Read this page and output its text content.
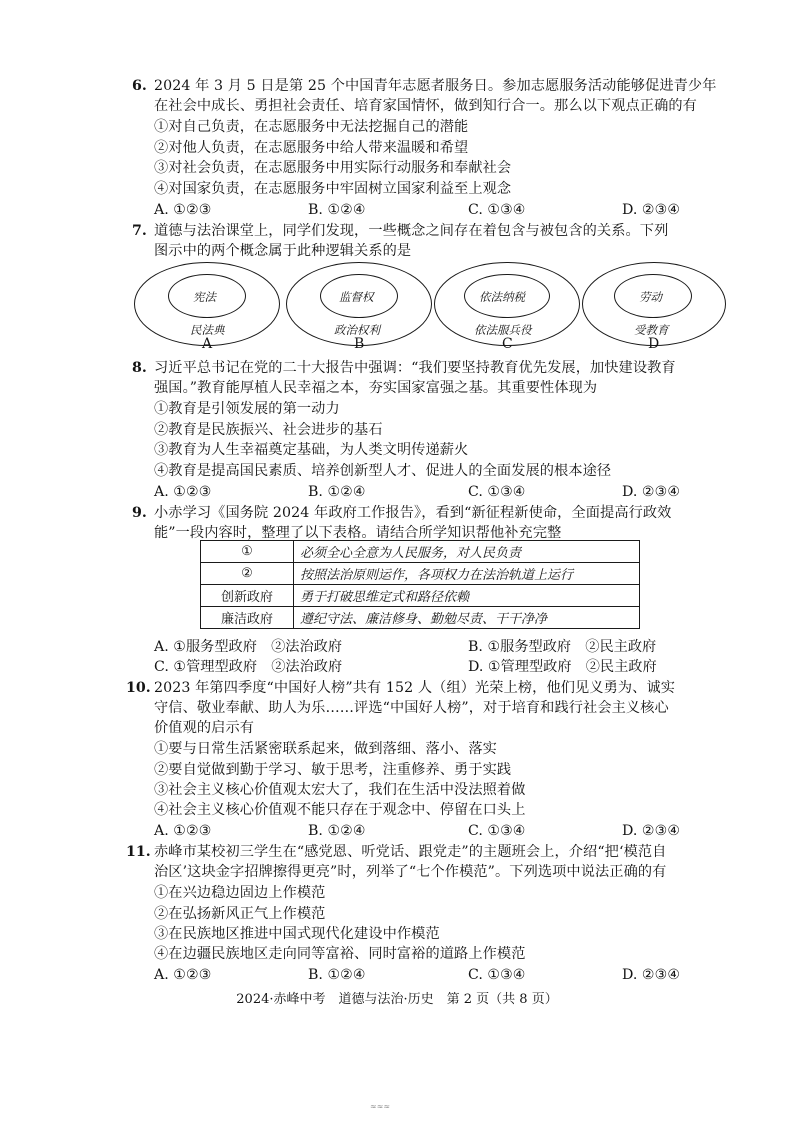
6. 2024 年 3 月 5 日是第 25 个中国青年志愿者服务日。参加志愿服务活动能够促进青少年
在社会中成长、勇担社会责任、培育家国情怀，做到知行合一。那么以下观点正确的有
①对自己负责，在志愿服务中无法挖掘自己的潜能
②对他人负责，在志愿服务中给人带来温暖和希望
③对社会负责，在志愿服务中用实际行动服务和奉献社会
④对国家负责，在志愿服务中牢固树立国家利益至上观念
A. ①②③	B. ①②④	C. ①③④	D. ②③④
7. 道德与法治课堂上，同学们发现，一些概念之间存在着包含与被包含的关系。下列
图示中的两个概念属于此种逻辑关系的是
宪法
民法典
A
监督权
政治权利
B
依法纳税
依法服兵役
C
劳动
受教育
D
8. 习近平总书记在党的二十大报告中强调：“我们要坚持教育优先发展，加快建设教育
强国。”教育能厚植人民幸福之本，夯实国家富强之基。其重要性体现为
①教育是引领发展的第一动力
②教育是民族振兴、社会进步的基石
③教育为人生幸福奠定基础，为人类文明传递薪火
④教育是提高国民素质、培养创新型人才、促进人的全面发展的根本途径
A. ①②③	B. ①②④	C. ①③④	D. ②③④
9. 小赤学习《国务院 2024 年政府工作报告》，看到“新征程新使命，全面提高行政效
能”一段内容时，整理了以下表格。请结合所学知识帮他补充完整
①	必须全心全意为人民服务，对人民负责
②	按照法治原则运作，各项权力在法治轨道上运行
创新政府	勇于打破思维定式和路径依赖
廉洁政府	遵纪守法、廉洁修身、勤勉尽责、干干净净
A. ①服务型政府　②法治政府	B. ①服务型政府　②民主政府
C. ①管理型政府　②法治政府	D. ①管理型政府　②民主政府
10. 2023 年第四季度“中国好人榜”共有 152 人（组）光荣上榜，他们见义勇为、诚实
守信、敬业奉献、助人为乐……评选“中国好人榜”，对于培育和践行社会主义核心
价值观的启示有
①要与日常生活紧密联系起来，做到落细、落小、落实
②要自觉做到勤于学习、敏于思考，注重修养、勇于实践
③社会主义核心价值观太宏大了，我们在生活中没法照着做
④社会主义核心价值观不能只存在于观念中、停留在口头上
A. ①②③	B. ①②④	C. ①③④	D. ②③④
11. 赤峰市某校初三学生在“感党恩、听党话、跟党走”的主题班会上，介绍“把‘模范自
治区’这块金字招牌擦得更亮”时，列举了“七个作模范”。下列选项中说法正确的有
①在兴边稳边固边上作模范
②在弘扬新风正气上作模范
③在民族地区推进中国式现代化建设中作模范
④在边疆民族地区走向同等富裕、同时富裕的道路上作模范
A. ①②③	B. ①②④	C. ①③④	D. ②③④
2024·赤峰中考　道德与法治·历史　第 2 页（共 8 页）
≈≈≈
